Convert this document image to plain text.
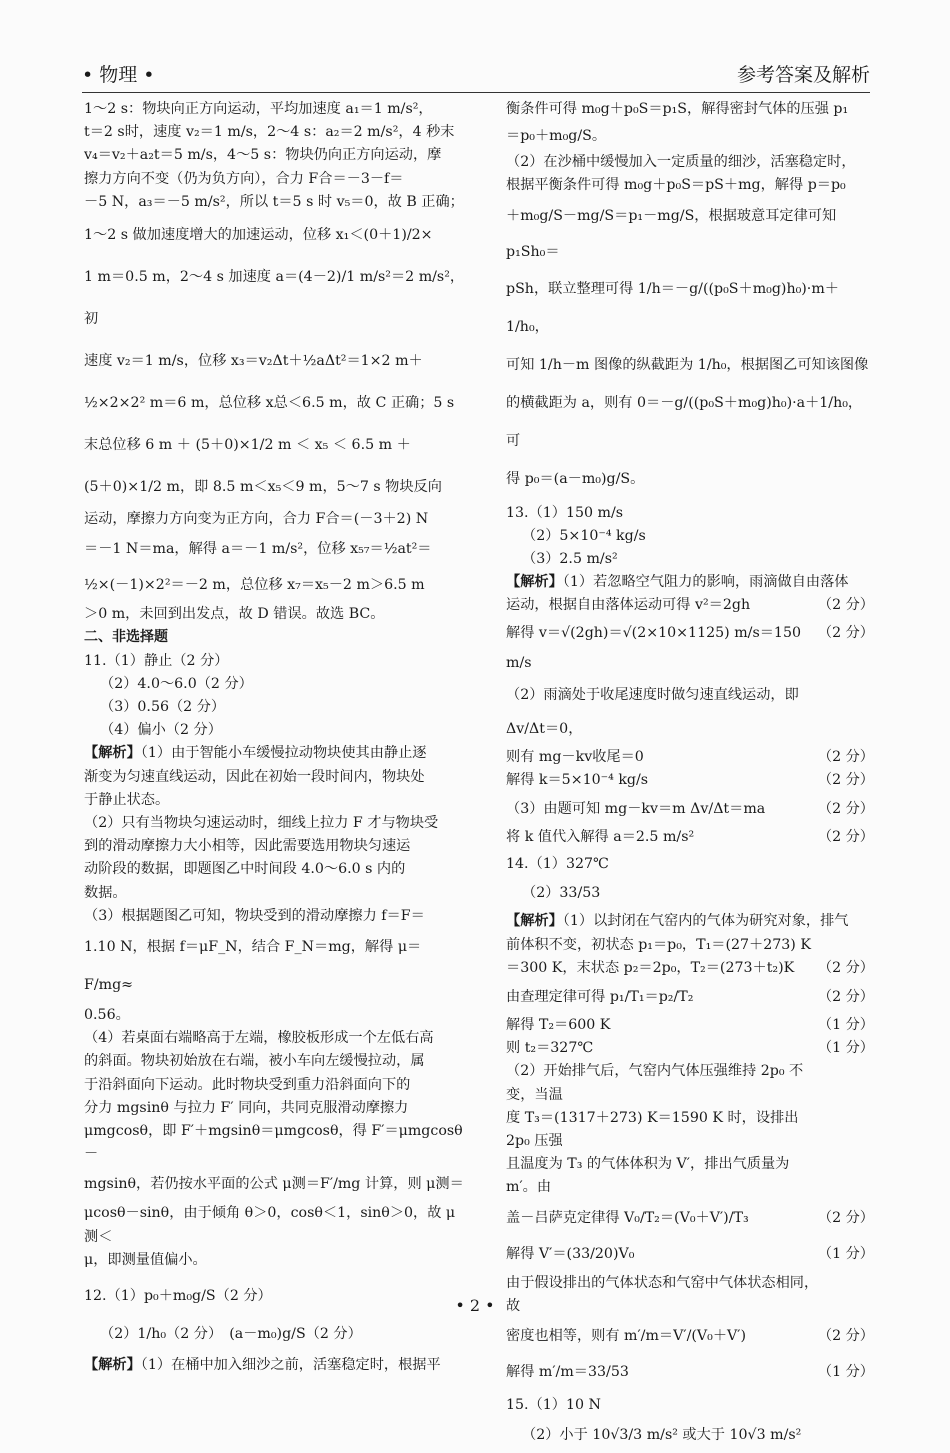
• 物理 •	参考答案及解析

1～2 s：物块向正方向运动，平均加速度 a₁＝1 m/s²，

t＝2 s时，速度 v₂＝1 m/s，2～4 s：a₂＝2 m/s²，4 秒末

v₄＝v₂＋a₂t＝5 m/s，4～5 s：物块仍向正方向运动，摩

擦力方向不变（仍为负方向），合力 F合＝－3－f＝

－5 N，a₃＝－5 m/s²，所以 t＝5 s 时 v₅＝0，故 B 正确；

1～2 s 做加速度增大的加速运动，位移 x₁＜(0＋1)/2×

1 m＝0.5 m，2～4 s 加速度 a＝(4－2)/1 m/s²＝2 m/s²，初

速度 v₂＝1 m/s，位移 x₃＝v₂Δt＋½aΔt²＝1×2 m＋

½×2×2² m＝6 m，总位移 x总＜6.5 m，故 C 正确；5 s

末总位移 6 m ＋ (5＋0)×1/2 m ＜ x₅ ＜ 6.5 m ＋

(5＋0)×1/2 m，即 8.5 m＜x₅＜9 m，5～7 s 物块反向

运动，摩擦力方向变为正方向，合力 F合＝(－3＋2) N

＝－1 N＝ma，解得 a＝－1 m/s²，位移 x₅₇＝½at²＝

½×(－1)×2²＝－2 m，总位移 x₇＝x₅－2 m＞6.5 m

＞0 m，未回到出发点，故 D 错误。故选 BC。

二、非选择题

11.（1）静止（2 分）

（2）4.0～6.0（2 分）

（3）0.56（2 分）

（4）偏小（2 分）

【解析】（1）由于智能小车缓慢拉动物块使其由静止逐

渐变为匀速直线运动，因此在初始一段时间内，物块处

于静止状态。

（2）只有当物块匀速运动时，细线上拉力 F 才与物块受

到的滑动摩擦力大小相等，因此需要选用物块匀速运

动阶段的数据，即题图乙中时间段 4.0～6.0 s 内的

数据。

（3）根据题图乙可知，物块受到的滑动摩擦力 f＝F＝

1.10 N，根据 f＝μF_N，结合 F_N＝mg，解得 μ＝F/mg≈

0.56。

（4）若桌面右端略高于左端，橡胶板形成一个左低右高

的斜面。物块初始放在右端，被小车向左缓慢拉动，属

于沿斜面向下运动。此时物块受到重力沿斜面向下的

分力 mgsinθ 与拉力 F′ 同向，共同克服滑动摩擦力

μmgcosθ，即 F′＋mgsinθ＝μmgcosθ，得 F′＝μmgcosθ－

mgsinθ，若仍按水平面的公式 μ测＝F′/mg 计算，则 μ测＝

μcosθ－sinθ，由于倾角 θ＞0，cosθ＜1，sinθ＞0，故 μ测＜

μ，即测量值偏小。

12.（1）p₀＋m₀g/S（2 分）

（2）1/h₀（2 分）　(a－m₀)g/S（2 分）

【解析】（1）在桶中加入细沙之前，活塞稳定时，根据平

衡条件可得 m₀g＋p₀S＝p₁S，解得密封气体的压强 p₁

＝p₀＋m₀g/S。

（2）在沙桶中缓慢加入一定质量的细沙，活塞稳定时，

根据平衡条件可得 m₀g＋p₀S＝pS＋mg，解得 p＝p₀

＋m₀g/S－mg/S＝p₁－mg/S，根据玻意耳定律可知 p₁Sh₀＝

pSh，联立整理可得 1/h＝－g/((p₀S＋m₀g)h₀)·m＋1/h₀，

可知 1/h－m 图像的纵截距为 1/h₀，根据图乙可知该图像

的横截距为 a，则有 0＝－g/((p₀S＋m₀g)h₀)·a＋1/h₀，可

得 p₀＝(a－m₀)g/S。

13.（1）150 m/s

（2）5×10⁻⁴ kg/s

（3）2.5 m/s²

【解析】（1）若忽略空气阻力的影响，雨滴做自由落体

运动，根据自由落体运动可得 v²＝2gh	（2 分）
解得 v＝√(2gh)＝√(2×10×1125) m/s＝150 m/s
（2 分）
（2）雨滴处于收尾速度时做匀速直线运动，即 Δv/Δt＝0，
则有 mg－kv收尾＝0	（2 分）
解得 k＝5×10⁻⁴ kg/s	（2 分）
（3）由题可知 mg－kv＝m Δv/Δt＝ma	（2 分）
将 k 值代入解得 a＝2.5 m/s²	（2 分）

14.（1）327℃

（2）33/53

【解析】（1）以封闭在气窑内的气体为研究对象，排气

前体积不变，初状态 p₁＝p₀，T₁＝(27＋273) K
＝300 K，末状态 p₂＝2p₀，T₂＝(273＋t₂)K （2 分）
由查理定律可得 p₁/T₁＝p₂/T₂	（2 分）
解得 T₂＝600 K	（1 分）
则 t₂＝327℃	（1 分）
（2）开始排气后，气窑内气体压强维持 2p₀ 不变，当温
度 T₃＝(1317＋273) K＝1590 K 时，设排出 2p₀ 压强
且温度为 T₃ 的气体体积为 V′，排出气质量为 m′。由
盖－吕萨克定律得 V₀/T₂＝(V₀＋V′)/T₃	（2 分）
解得 V′＝(33/20)V₀	（1 分）
由于假设排出的气体状态和气窑中气体状态相同，故
密度也相等，则有 m′/m＝V′/(V₀＋V′)	（2 分）
解得 m′/m＝33/53	（1 分）

15.（1）10 N

（2）小于 10√3/3 m/s² 或大于 10√3 m/s²

• 2 •
